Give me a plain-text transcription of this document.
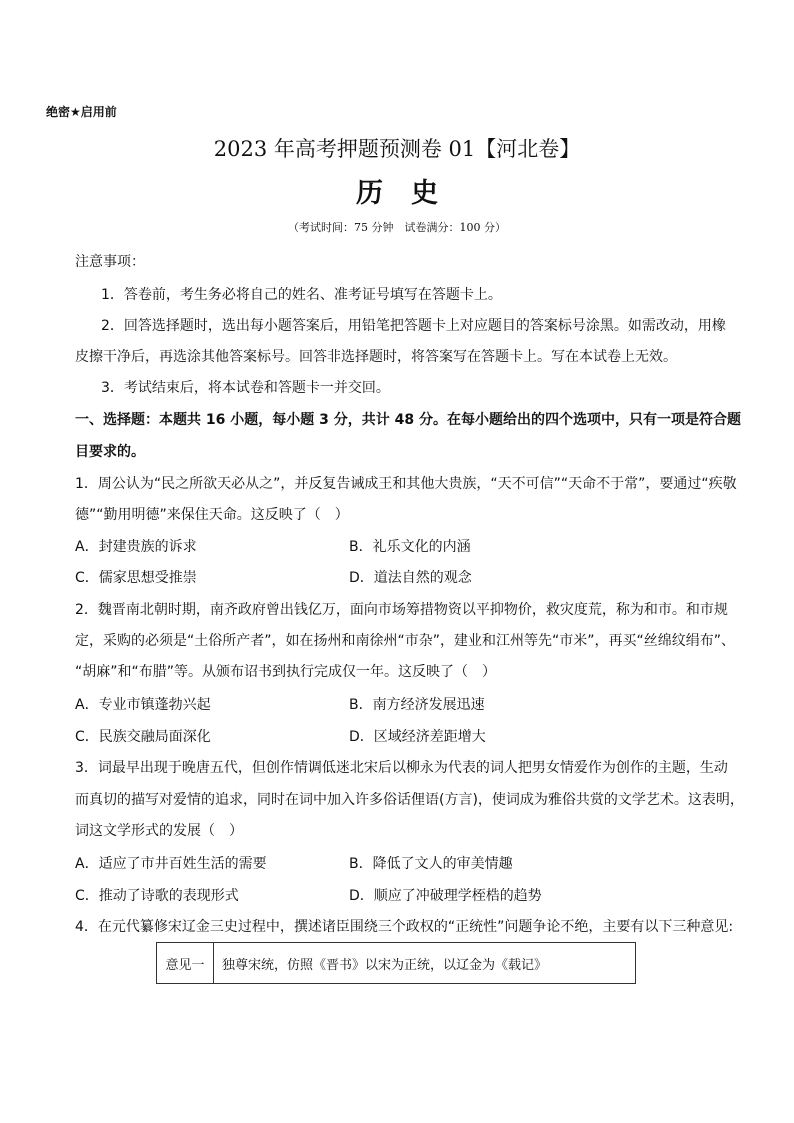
绝密★启用前
2023 年高考押题预测卷 01【河北卷】
历史
（考试时间：75 分钟　试卷满分：100 分）
注意事项：
1．答卷前，考生务必将自己的姓名、准考证号填写在答题卡上。
2．回答选择题时，选出每小题答案后，用铅笔把答题卡上对应题目的答案标号涂黑。如需改动，用橡
皮擦干净后，再选涂其他答案标号。回答非选择题时，将答案写在答题卡上。写在本试卷上无效。
3．考试结束后，将本试卷和答题卡一并交回。
一、选择题：本题共 16 小题，每小题 3 分，共计 48 分。在每小题给出的四个选项中，只有一项是符合题
目要求的。
1．周公认为“民之所欲天必从之”，并反复告诫成王和其他大贵族，“天不可信”“天命不于常”，要通过“疾敬
德”“勤用明德”来保住天命。这反映了（　）
A．封建贵族的诉求	B．礼乐文化的内涵
C．儒家思想受推崇	D．道法自然的观念
2．魏晋南北朝时期，南齐政府曾出钱亿万，面向市场筹措物资以平抑物价，救灾度荒，称为和市。和市规
定，采购的必须是“土俗所产者”，如在扬州和南徐州“市杂”，建业和江州等先“市米”，再买“丝绵纹绢布”、
“胡麻”和“布腊”等。从颁布诏书到执行完成仅一年。这反映了（　）
A．专业市镇蓬勃兴起	B．南方经济发展迅速
C．民族交融局面深化	D．区域经济差距增大
3．词最早出现于晚唐五代，但创作情调低迷北宋后以柳永为代表的词人把男女情爱作为创作的主题，生动
而真切的描写对爱情的追求，同时在词中加入许多俗话俚语(方言)，使词成为雅俗共赏的文学艺术。这表明，
词这文学形式的发展（　）
A．适应了市井百姓生活的需要	B．降低了文人的审美情趣
C．推动了诗歌的表现形式	D．顺应了冲破理学桎梏的趋势
4．在元代纂修宋辽金三史过程中，撰述诸臣围绕三个政权的“正统性”问题争论不绝，主要有以下三种意见:
意见一	独尊宋统，仿照《晋书》以宋为正统，以辽金为《载记》
